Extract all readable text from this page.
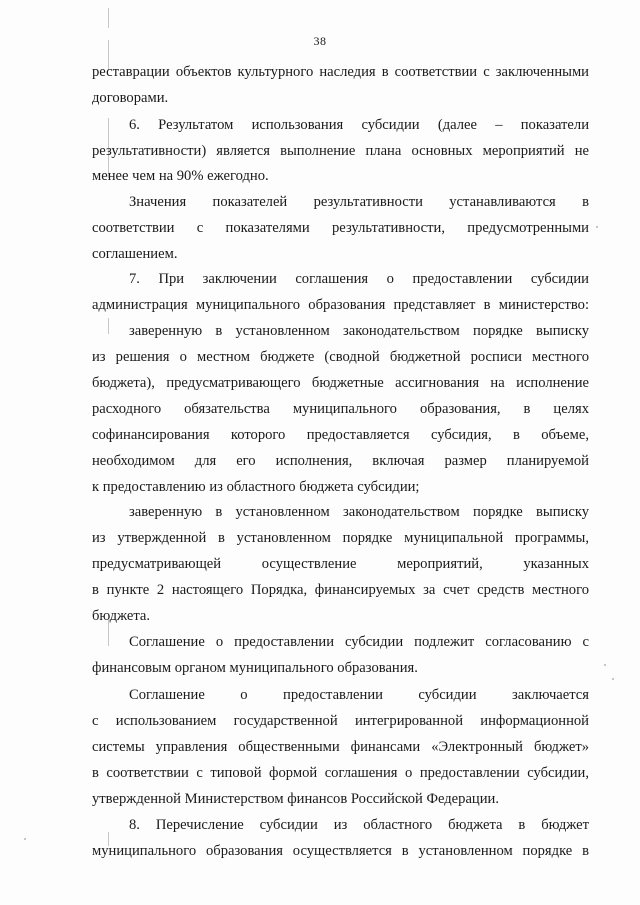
38
реставрации объектов культурного наследия в соответствии с заключенными
договорами.
6. Результатом использования субсидии (далее – показатели
результативности) является выполнение плана основных мероприятий не
менее чем на 90% ежегодно.
Значения показателей результативности устанавливаются в
соответствии с показателями результативности, предусмотренными
соглашением.
7. При заключении соглашения о предоставлении субсидии
администрация муниципального образования представляет в министерство:
заверенную в установленном законодательством порядке выписку
из решения о местном бюджете (сводной бюджетной росписи местного
бюджета), предусматривающего бюджетные ассигнования на исполнение
расходного обязательства муниципального образования, в целях
софинансирования которого предоставляется субсидия, в объеме,
необходимом для его исполнения, включая размер планируемой
к предоставлению из областного бюджета субсидии;
заверенную в установленном законодательством порядке выписку
из утвержденной в установленном порядке муниципальной программы,
предусматривающей осуществление мероприятий, указанных
в пункте 2 настоящего Порядка, финансируемых за счет средств местного
бюджета.
Соглашение о предоставлении субсидии подлежит согласованию с
финансовым органом муниципального образования.
Соглашение о предоставлении субсидии заключается
с использованием государственной интегрированной информационной
системы управления общественными финансами «Электронный бюджет»
в соответствии с типовой формой соглашения о предоставлении субсидии,
утвержденной Министерством финансов Российской Федерации.
8. Перечисление субсидии из областного бюджета в бюджет
муниципального образования осуществляется в установленном порядке в
